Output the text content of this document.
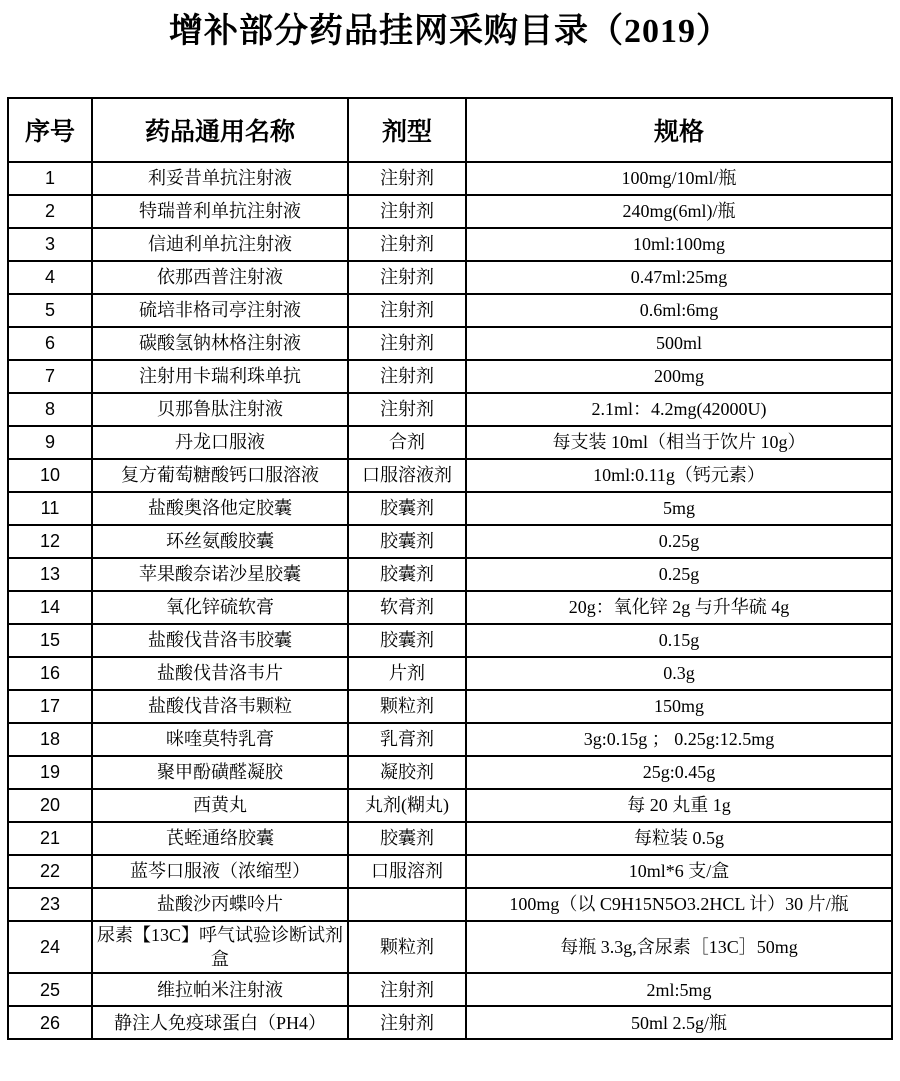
增补部分药品挂网采购目录（2019）
序号	药品通用名称	剂型	规格
1	利妥昔单抗注射液	注射剂	100mg/10ml/瓶
2	特瑞普利单抗注射液	注射剂	240mg(6ml)/瓶
3	信迪利单抗注射液	注射剂	10ml:100mg
4	依那西普注射液	注射剂	0.47ml:25mg
5	硫培非格司亭注射液	注射剂	0.6ml:6mg
6	碳酸氢钠林格注射液	注射剂	500ml
7	注射用卡瑞利珠单抗	注射剂	200mg
8	贝那鲁肽注射液	注射剂	2.1ml：4.2mg(42000U)
9	丹龙口服液	合剂	每支装 10ml（相当于饮片 10g）
10	复方葡萄糖酸钙口服溶液	口服溶液剂	10ml:0.11g（钙元素）
11	盐酸奥洛他定胶囊	胶囊剂	5mg
12	环丝氨酸胶囊	胶囊剂	0.25g
13	苹果酸奈诺沙星胶囊	胶囊剂	0.25g
14	氧化锌硫软膏	软膏剂	20g：氧化锌 2g 与升华硫 4g
15	盐酸伐昔洛韦胶囊	胶囊剂	0.15g
16	盐酸伐昔洛韦片	片剂	0.3g
17	盐酸伐昔洛韦颗粒	颗粒剂	150mg
18	咪喹莫特乳膏	乳膏剂	3g:0.15g ； 0.25g:12.5mg
19	聚甲酚磺醛凝胶	凝胶剂	25g:0.45g
20	西黄丸	丸剂(糊丸)	每 20 丸重 1g
21	芪蛭通络胶囊	胶囊剂	每粒装 0.5g
22	蓝芩口服液（浓缩型）	口服溶剂	10ml*6 支/盒
23	盐酸沙丙蝶呤片		100mg（以 C9H15N5O3.2HCL 计）30 片/瓶
24	尿素【13C】呼气试验诊断试剂盒	颗粒剂	每瓶 3.3g,含尿素［13C］50mg
25	维拉帕米注射液	注射剂	2ml:5mg
26	静注人免疫球蛋白（PH4）	注射剂	50ml 2.5g/瓶
